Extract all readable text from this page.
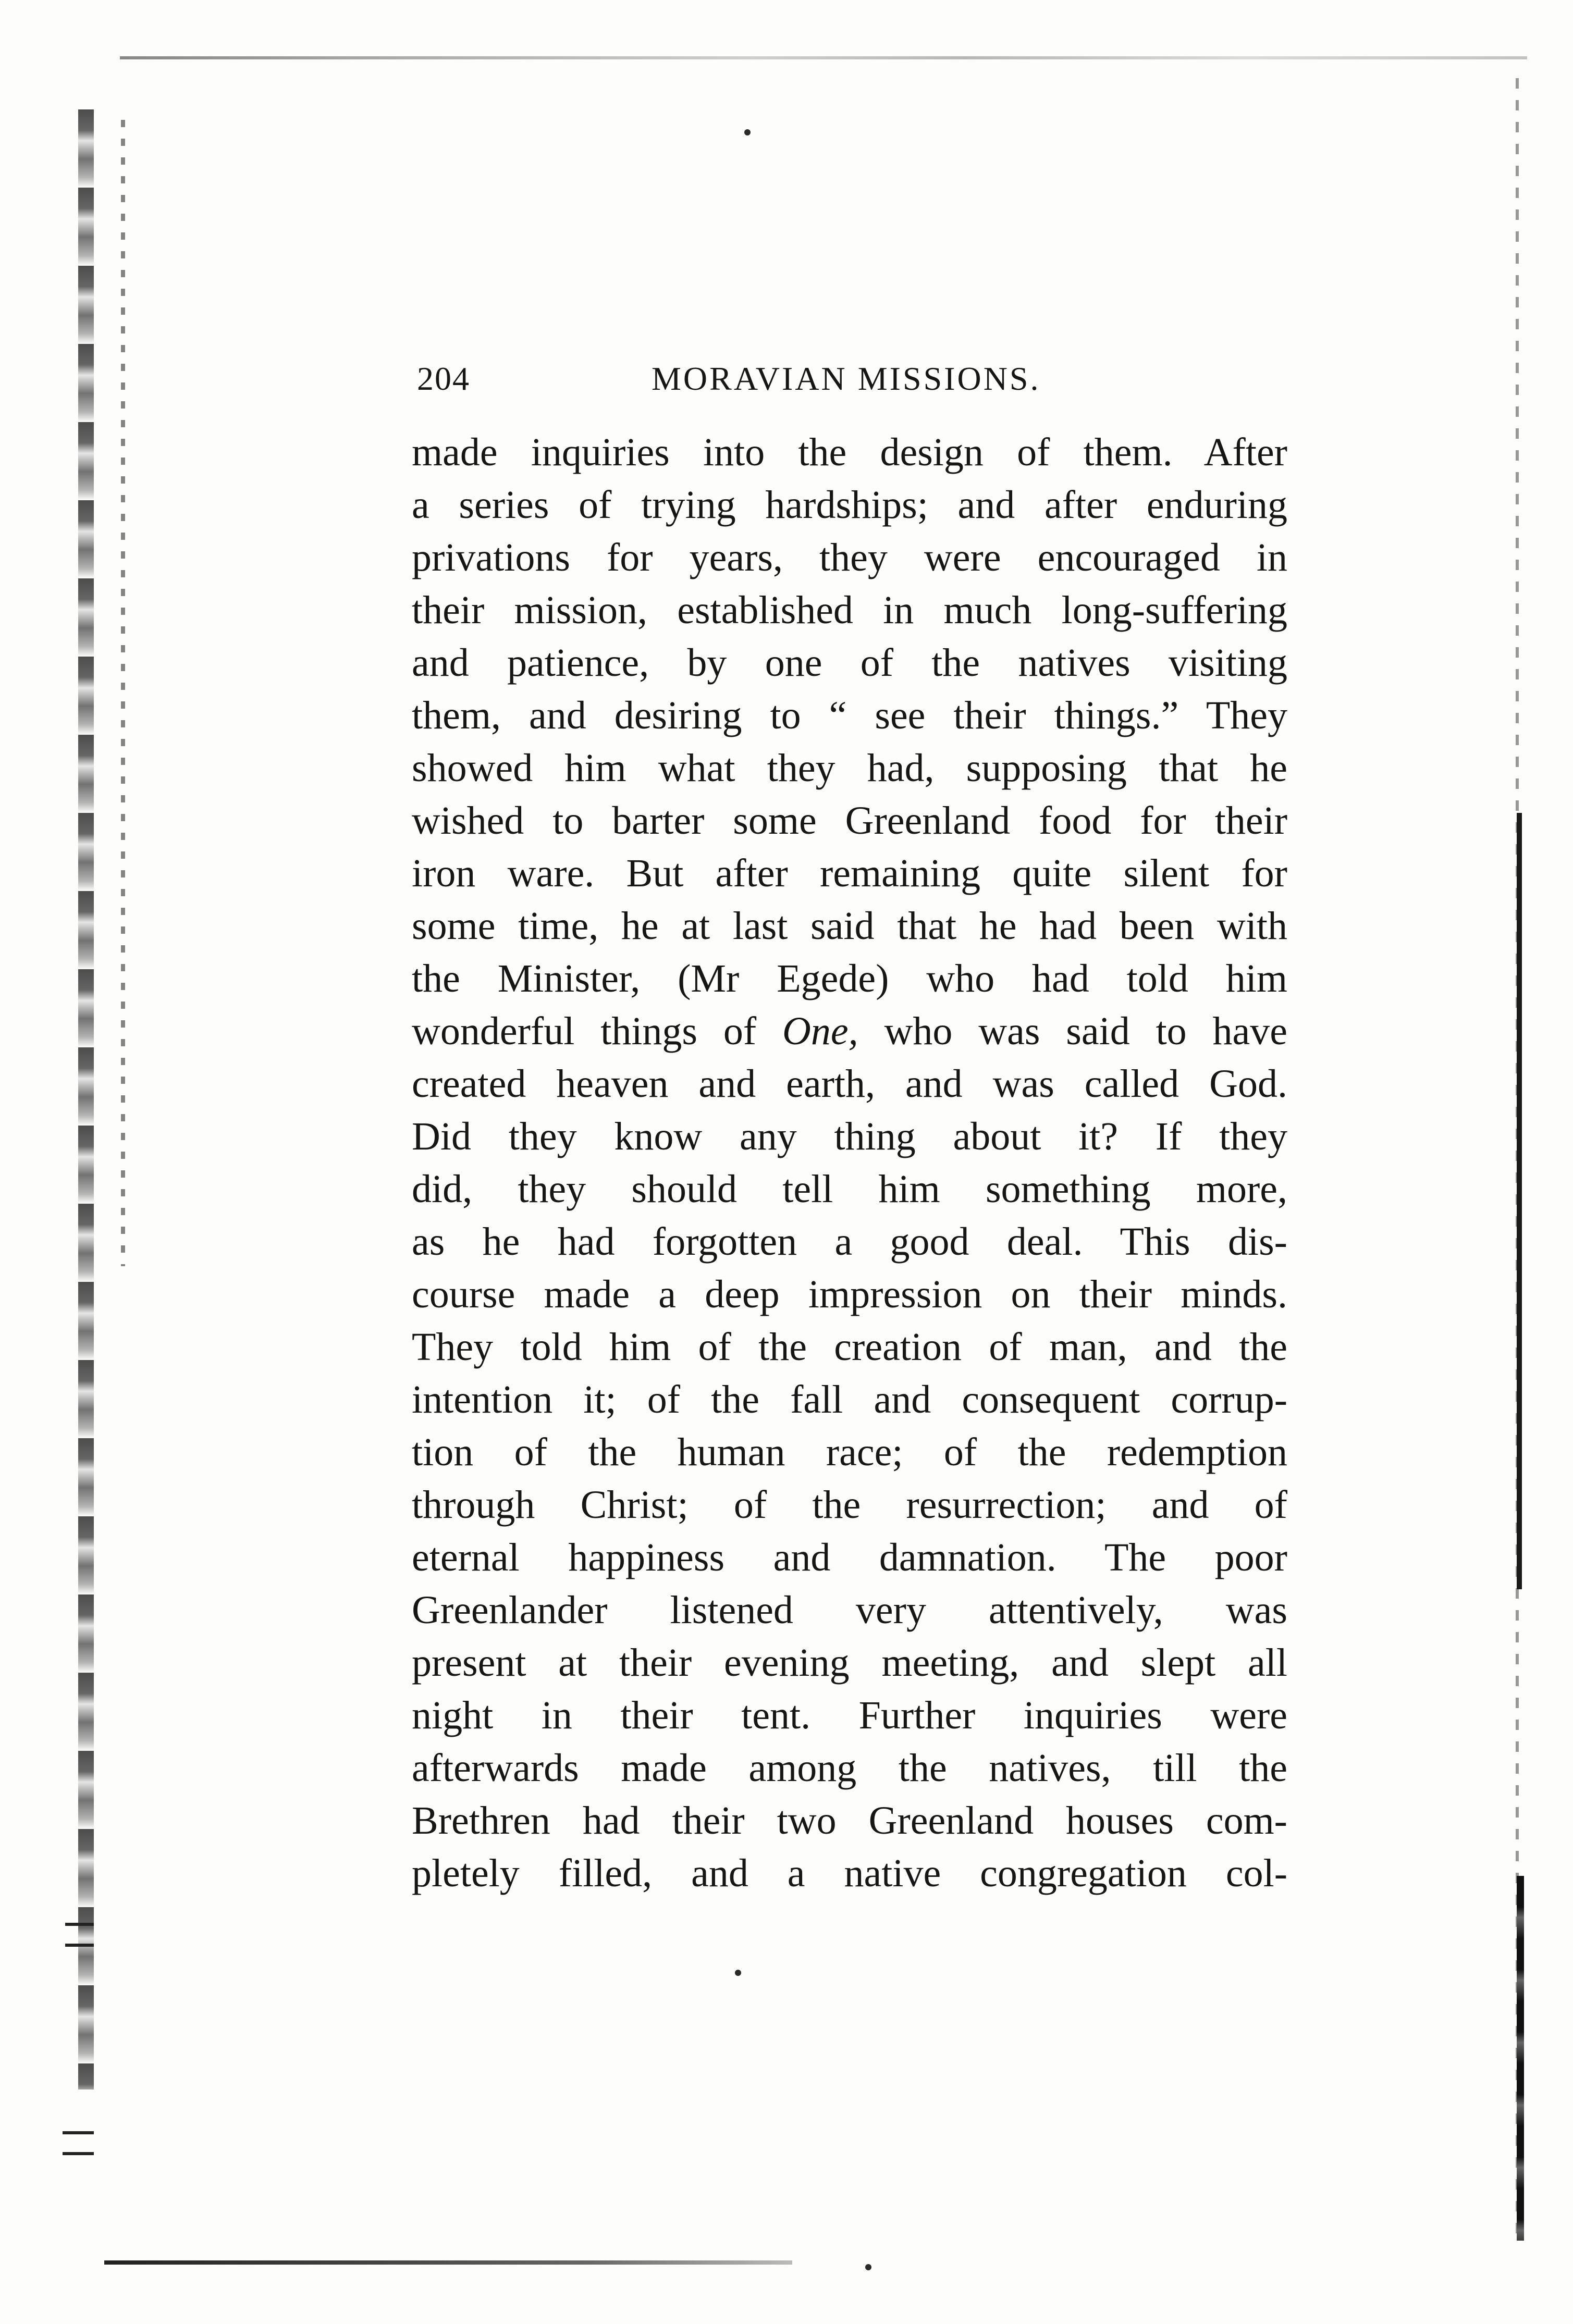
204	MORAVIAN MISSIONS.
made inquiries into the design of them. After
a series of trying hardships; and after enduring
privations for years, they were encouraged in
their mission, established in much long-suffering
and patience, by one of the natives visiting
them, and desiring to “ see their things.” They
showed him what they had, supposing that he
wished to barter some Greenland food for their
iron ware. But after remaining quite silent for
some time, he at last said that he had been with
the Minister, (Mr Egede) who had told him
wonderful things of One, who was said to have
created heaven and earth, and was called God.
Did they know any thing about it? If they
did, they should tell him something more,
as he had forgotten a good deal. This dis-
course made a deep impression on their minds.
They told him of the creation of man, and the
intention it; of the fall and consequent corrup-
tion of the human race; of the redemption
through Christ; of the resurrection; and of
eternal happiness and damnation. The poor
Greenlander listened very attentively, was
present at their evening meeting, and slept all
night in their tent. Further inquiries were
afterwards made among the natives, till the
Brethren had their two Greenland houses com-
pletely filled, and a native congregation col-
